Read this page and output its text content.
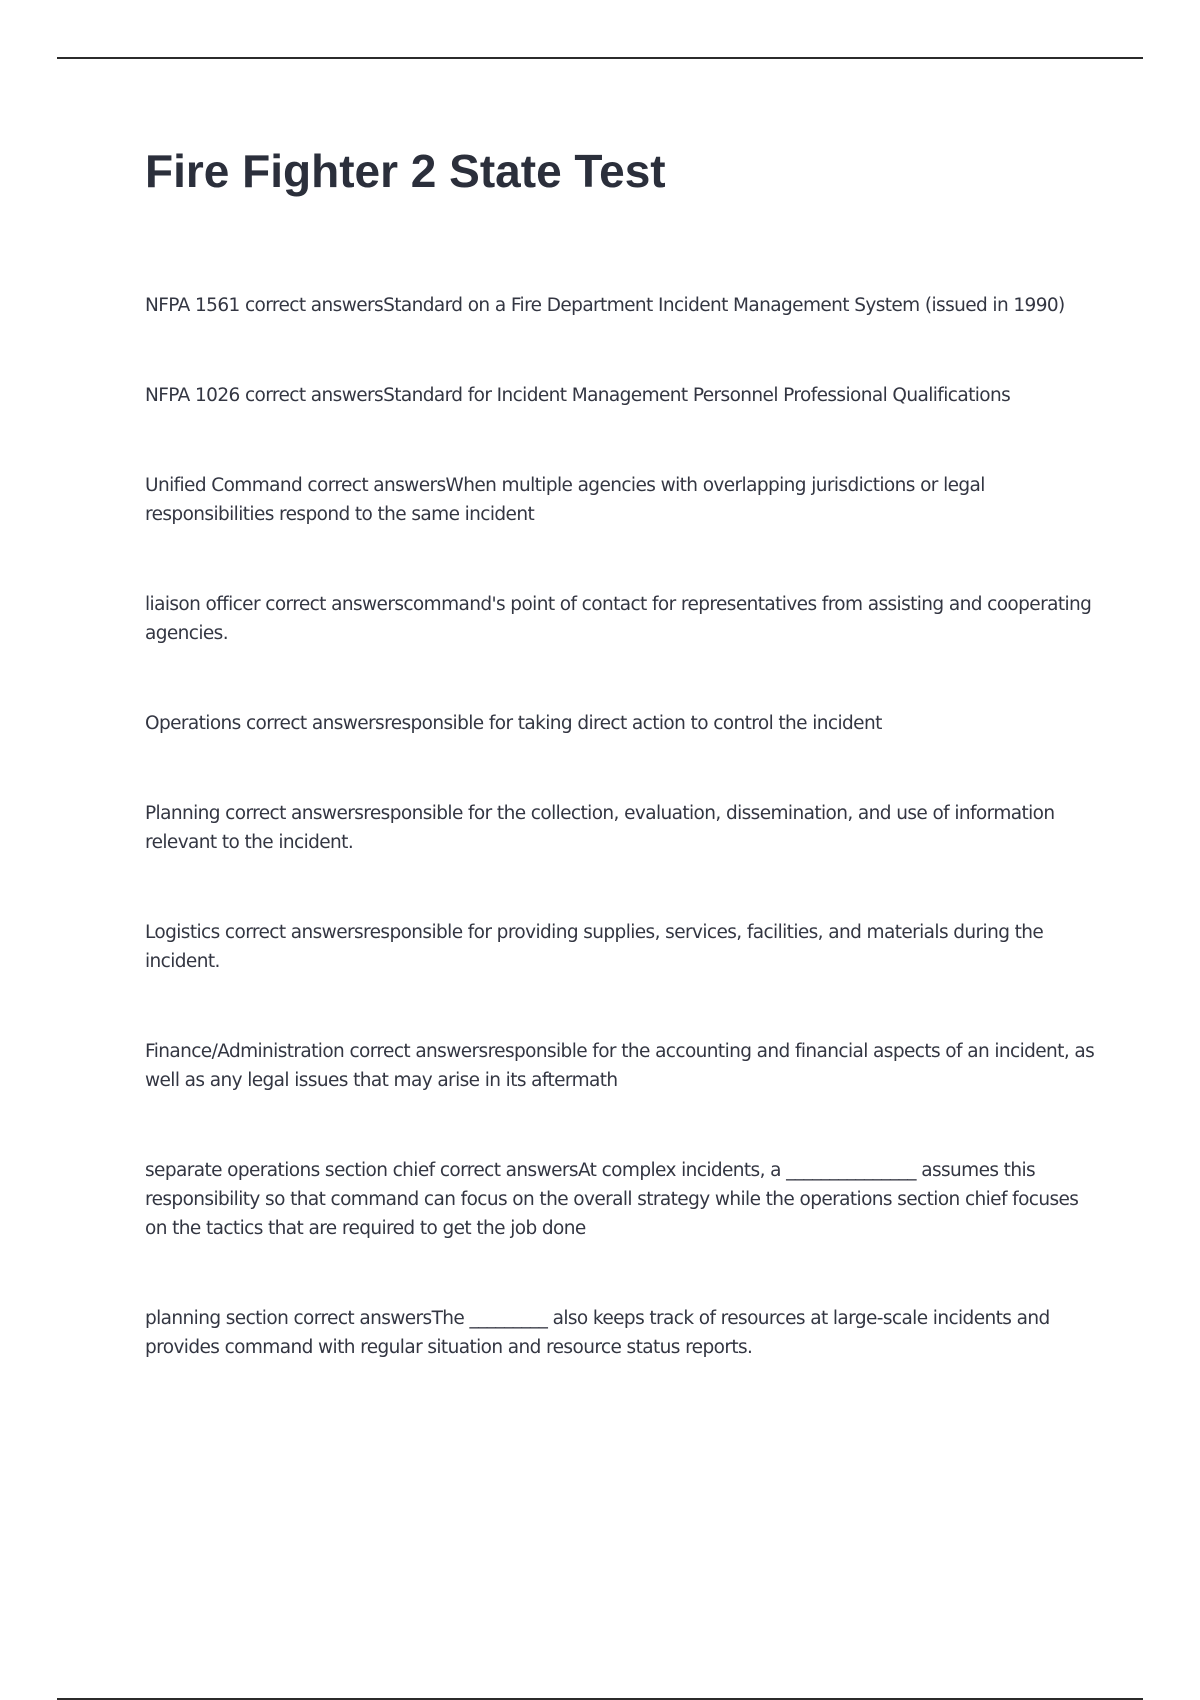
Fire Fighter 2 State Test
NFPA 1561 correct answersStandard on a Fire Department Incident Management System (issued in 1990)
NFPA 1026 correct answersStandard for Incident Management Personnel Professional Qualifications
Unified Command correct answersWhen multiple agencies with overlapping jurisdictions or legal responsibilities respond to the same incident
liaison officer correct answerscommand's point of contact for representatives from assisting and cooperating agencies.
Operations correct answersresponsible for taking direct action to control the incident
Planning correct answersresponsible for the collection, evaluation, dissemination, and use of information relevant to the incident.
Logistics correct answersresponsible for providing supplies, services, facilities, and materials during the incident.
Finance/Administration correct answersresponsible for the accounting and financial aspects of an incident, as well as any legal issues that may arise in its aftermath
separate operations section chief correct answersAt complex incidents, a _______________ assumes this responsibility so that command can focus on the overall strategy while the operations section chief focuses on the tactics that are required to get the job done
planning section correct answersThe _________ also keeps track of resources at large-scale incidents and provides command with regular situation and resource status reports.
